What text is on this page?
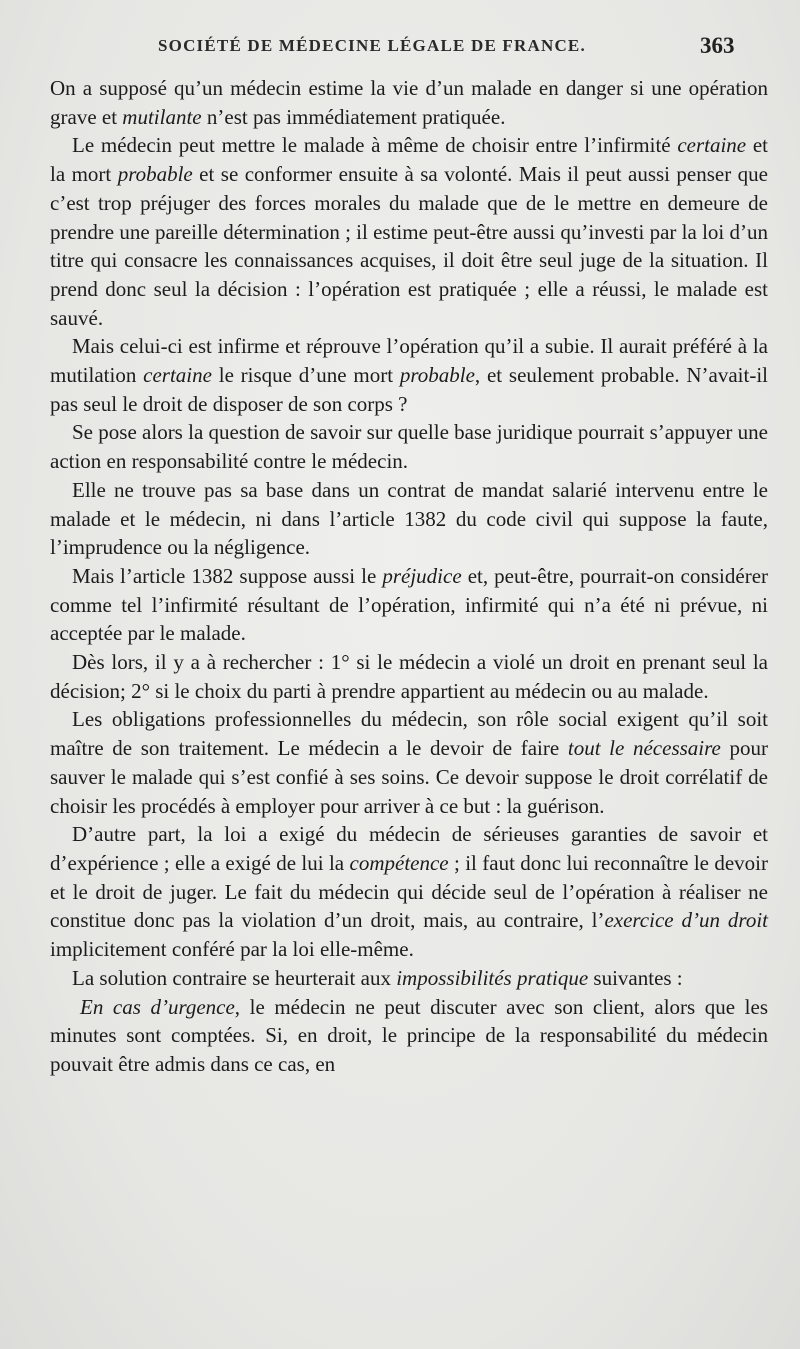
SOCIÉTÉ DE MÉDECINE LÉGALE DE FRANCE.	363

On a supposé qu’un médecin estime la vie d’un malade en danger si une opération grave et mutilante n’est pas immédiatement pratiquée.

Le médecin peut mettre le malade à même de choisir entre l’infirmité certaine et la mort probable et se conformer ensuite à sa volonté. Mais il peut aussi penser que c’est trop préjuger des forces morales du malade que de le mettre en demeure de prendre une pareille détermination ; il estime peut-être aussi qu’investi par la loi d’un titre qui consacre les connaissances acquises, il doit être seul juge de la situation. Il prend donc seul la décision : l’opération est pratiquée ; elle a réussi, le malade est sauvé.

Mais celui-ci est infirme et réprouve l’opération qu’il a subie. Il aurait préféré à la mutilation certaine le risque d’une mort probable, et seulement probable. N’avait-il pas seul le droit de disposer de son corps ?

Se pose alors la question de savoir sur quelle base juridique pourrait s’appuyer une action en responsabilité contre le médecin.

Elle ne trouve pas sa base dans un contrat de mandat salarié intervenu entre le malade et le médecin, ni dans l’article 1382 du code civil qui suppose la faute, l’imprudence ou la négligence.

Mais l’article 1382 suppose aussi le préjudice et, peut-être, pourrait-on considérer comme tel l’infirmité résultant de l’opération, infirmité qui n’a été ni prévue, ni acceptée par le malade.

Dès lors, il y a à rechercher : 1° si le médecin a violé un droit en prenant seul la décision; 2° si le choix du parti à prendre appartient au médecin ou au malade.

Les obligations professionnelles du médecin, son rôle social exigent qu’il soit maître de son traitement. Le médecin a le devoir de faire tout le nécessaire pour sauver le malade qui s’est confié à ses soins. Ce devoir suppose le droit corrélatif de choisir les procédés à employer pour arriver à ce but : la guérison.

D’autre part, la loi a exigé du médecin de sérieuses garanties de savoir et d’expérience ; elle a exigé de lui la compétence ; il faut donc lui reconnaître le devoir et le droit de juger. Le fait du médecin qui décide seul de l’opération à réaliser ne constitue donc pas la violation d’un droit, mais, au contraire, l’exercice d’un droit implicitement conféré par la loi elle-même.

La solution contraire se heurterait aux impossibilités pratique suivantes :

En cas d’urgence, le médecin ne peut discuter avec son client, alors que les minutes sont comptées. Si, en droit, le principe de la responsabilité du médecin pouvait être admis dans ce cas, en
